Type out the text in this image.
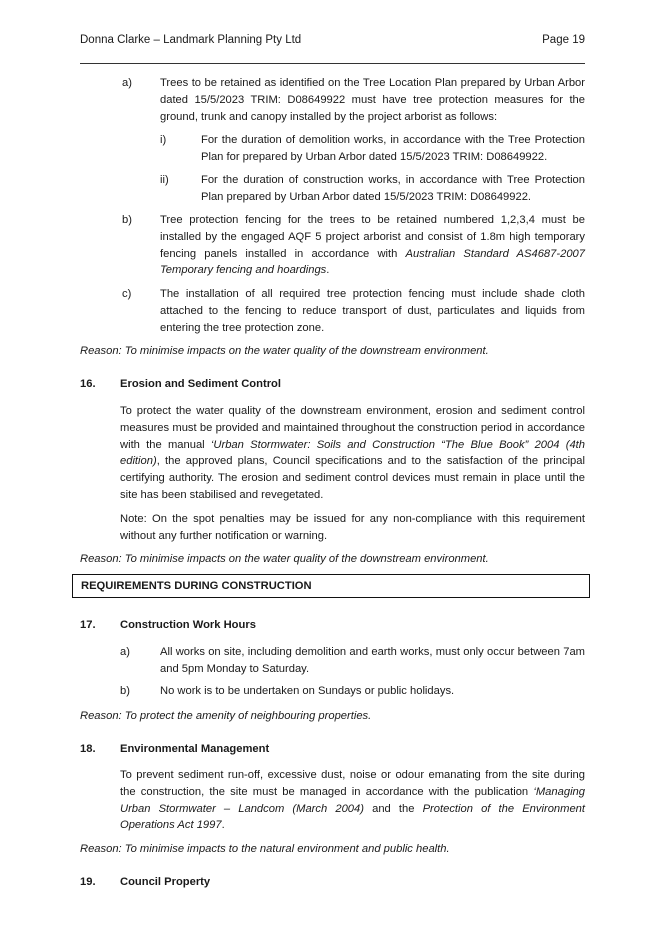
Donna Clarke – Landmark Planning Pty Ltd	Page 19
a)	Trees to be retained as identified on the Tree Location Plan prepared by Urban Arbor dated 15/5/2023 TRIM: D08649922 must have tree protection measures for the ground, trunk and canopy installed by the project arborist as follows:
i)	For the duration of demolition works, in accordance with the Tree Protection Plan for prepared by Urban Arbor dated 15/5/2023 TRIM: D08649922.
ii)	For the duration of construction works, in accordance with Tree Protection Plan prepared by Urban Arbor dated 15/5/2023 TRIM: D08649922.
b)	Tree protection fencing for the trees to be retained numbered 1,2,3,4 must be installed by the engaged AQF 5 project arborist and consist of 1.8m high temporary fencing panels installed in accordance with Australian Standard AS4687-2007 Temporary fencing and hoardings.
c)	The installation of all required tree protection fencing must include shade cloth attached to the fencing to reduce transport of dust, particulates and liquids from entering the tree protection zone.
Reason: To minimise impacts on the water quality of the downstream environment.
16. Erosion and Sediment Control
To protect the water quality of the downstream environment, erosion and sediment control measures must be provided and maintained throughout the construction period in accordance with the manual ‘Urban Stormwater: Soils and Construction “The Blue Book” 2004 (4th edition), the approved plans, Council specifications and to the satisfaction of the principal certifying authority. The erosion and sediment control devices must remain in place until the site has been stabilised and revegetated.
Note: On the spot penalties may be issued for any non-compliance with this requirement without any further notification or warning.
Reason: To minimise impacts on the water quality of the downstream environment.
REQUIREMENTS DURING CONSTRUCTION
17. Construction Work Hours
a)	All works on site, including demolition and earth works, must only occur between 7am and 5pm Monday to Saturday.
b)	No work is to be undertaken on Sundays or public holidays.
Reason: To protect the amenity of neighbouring properties.
18. Environmental Management
To prevent sediment run-off, excessive dust, noise or odour emanating from the site during the construction, the site must be managed in accordance with the publication ‘Managing Urban Stormwater – Landcom (March 2004) and the Protection of the Environment Operations Act 1997.
Reason: To minimise impacts to the natural environment and public health.
19. Council Property
